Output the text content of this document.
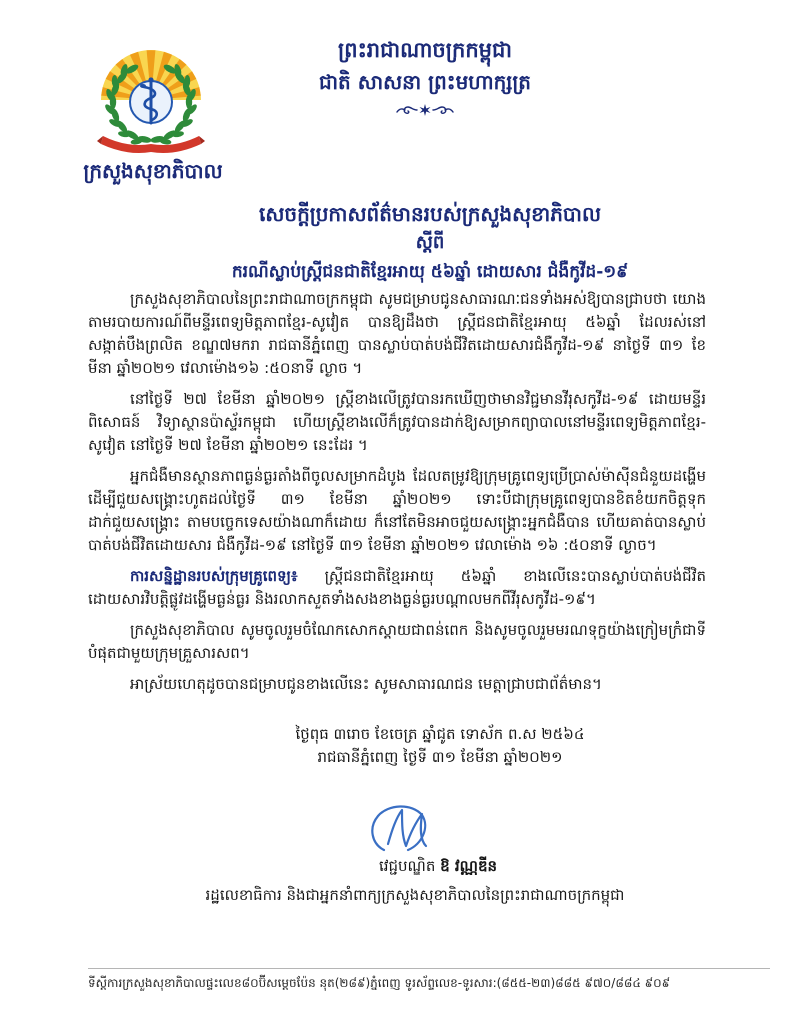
ក្រសួងសុខាភិបាល
ព្រះរាជាណាចក្រកម្ពុជា
ជាតិ សាសនា ព្រះមហាក្សត្រ
សេចក្តីប្រកាសព័ត៌មានរបស់ក្រសួងសុខាភិបាល
ស្តីពី
ករណីស្លាប់ស្ត្រីជនជាតិខ្មែរអាយុ ៥៦ឆ្នាំ ដោយសារ ជំងឺកូវីដ-១៩

ក្រសួងសុខាភិបាលនៃព្រះរាជាណាចក្រកម្ពុជា សូមជម្រាបជូនសាធារណៈជនទាំងអស់ឱ្យបានជ្រាបថា យោងតាមរបាយការណ៍ពីមន្ទីរពេទ្យមិត្តភាពខ្មែរ-សូវៀត បានឱ្យដឹងថា ស្ត្រីជនជាតិខ្មែរអាយុ ៥៦ឆ្នាំ ដែលរស់នៅសង្កាត់បឹងព្រលិត ខណ្ឌ៧មករា រាជធានីភ្នំពេញ បានស្លាប់បាត់បង់ជីវិតដោយសារជំងឺកូវីដ-១៩ នាថ្ងៃទី ៣១ ខែមីនា ឆ្នាំ២០២១ វេលាម៉ោង១៦ :៥០នាទី ល្ងាច ។

នៅថ្ងៃទី ២៧ ខែមីនា ឆ្នាំ២០២១ ស្ត្រីខាងលើត្រូវបានរកឃើញថាមានវិជ្ជមានវីរុសកូវីដ-១៩ ដោយមន្ទីរពិសោធន៍ វិទ្យាស្ថានប៉ាស្ទ័រកម្ពុជា ហើយស្ត្រីខាងលើក៏ត្រូវបានដាក់ឱ្យសម្រាកព្យាបាលនៅមន្ទីរពេទ្យមិត្តភាពខ្មែរ-សូវៀត នៅថ្ងៃទី ២៧ ខែមីនា ឆ្នាំ២០២១ នេះដែរ ។

អ្នកជំងឺមានស្ថានភាពធ្ងន់ធ្ងរតាំងពីចូលសម្រាកដំបូង ដែលតម្រូវឱ្យក្រុមគ្រូពេទ្យប្រើប្រាស់ម៉ាស៊ីនជំនួយដង្ហើម ដើម្បីជួយសង្គ្រោះហូតដល់ថ្ងៃទី ៣១ ខែមីនា ឆ្នាំ២០២១ ទោះបីជាក្រុមគ្រូពេទ្យបានខិតខំយកចិត្តទុកដាក់ជួយសង្គ្រោះ តាមបច្ចេកទេសយ៉ាងណាក៏ដោយ ក៏នៅតែមិនអាចជួយសង្គ្រោះអ្នកជំងឺបាន ហើយគាត់បានស្លាប់បាត់បង់ជីវិតដោយសារ ជំងឺកូវីដ-១៩ នៅថ្ងៃទី ៣១ ខែមីនា ឆ្នាំ២០២១ វេលាម៉ោង ១៦ :៥០នាទី ល្ងាច។

ការសន្និដ្ឋានរបស់ក្រុមគ្រូពេទ្យ៖ ស្ត្រីជនជាតិខ្មែរអាយុ ៥៦ឆ្នាំ ខាងលើនេះបានស្លាប់បាត់បង់ជីវិតដោយសារវិបត្តិផ្លូវដង្ហើមធ្ងន់ធ្ងរ និងរលាកសួតទាំងសងខាងធ្ងន់ធ្ងរបណ្តាលមកពីវីរុសកូវីដ-១៩។

ក្រសួងសុខាភិបាល សូមចូលរួមចំណែកសោកស្តាយជាពន់ពេក និងសូមចូលរួមមរណទុក្ខយ៉ាងក្រៀមក្រំជាទីបំផុតជាមួយក្រុមគ្រួសារសព។

អាស្រ័យហេតុដូចបានជម្រាបជូនខាងលើនេះ សូមសាធារណជន មេត្តាជ្រាបជាព័ត៌មាន។

ថ្ងៃពុធ ៣រោច ខែចេត្រ ឆ្នាំជូត ទោស័ក ព.ស ២៥៦៤
រាជធានីភ្នំពេញ ថ្ងៃទី ៣១ ខែមីនា ឆ្នាំ២០២១
វេជ្ជបណ្ឌិត ឱ វណ្ណឌីន
រដ្ឋលេខាធិការ និងជាអ្នកនាំពាក្យក្រសួងសុខាភិបាលនៃព្រះរាជាណាចក្រកម្ពុជា
ទីស្តីការក្រសួងសុខាភិបាលផ្ទះលេខ៨០ប៊ីសម្តេចប៉ែន នុត(២៨៩)ភ្នំពេញ ទូរស័ព្ទលេខ-ទូរសារ:(៨៥៥-២៣)៨៨៥ ៩៧០/៨៨៤ ៩០៩
